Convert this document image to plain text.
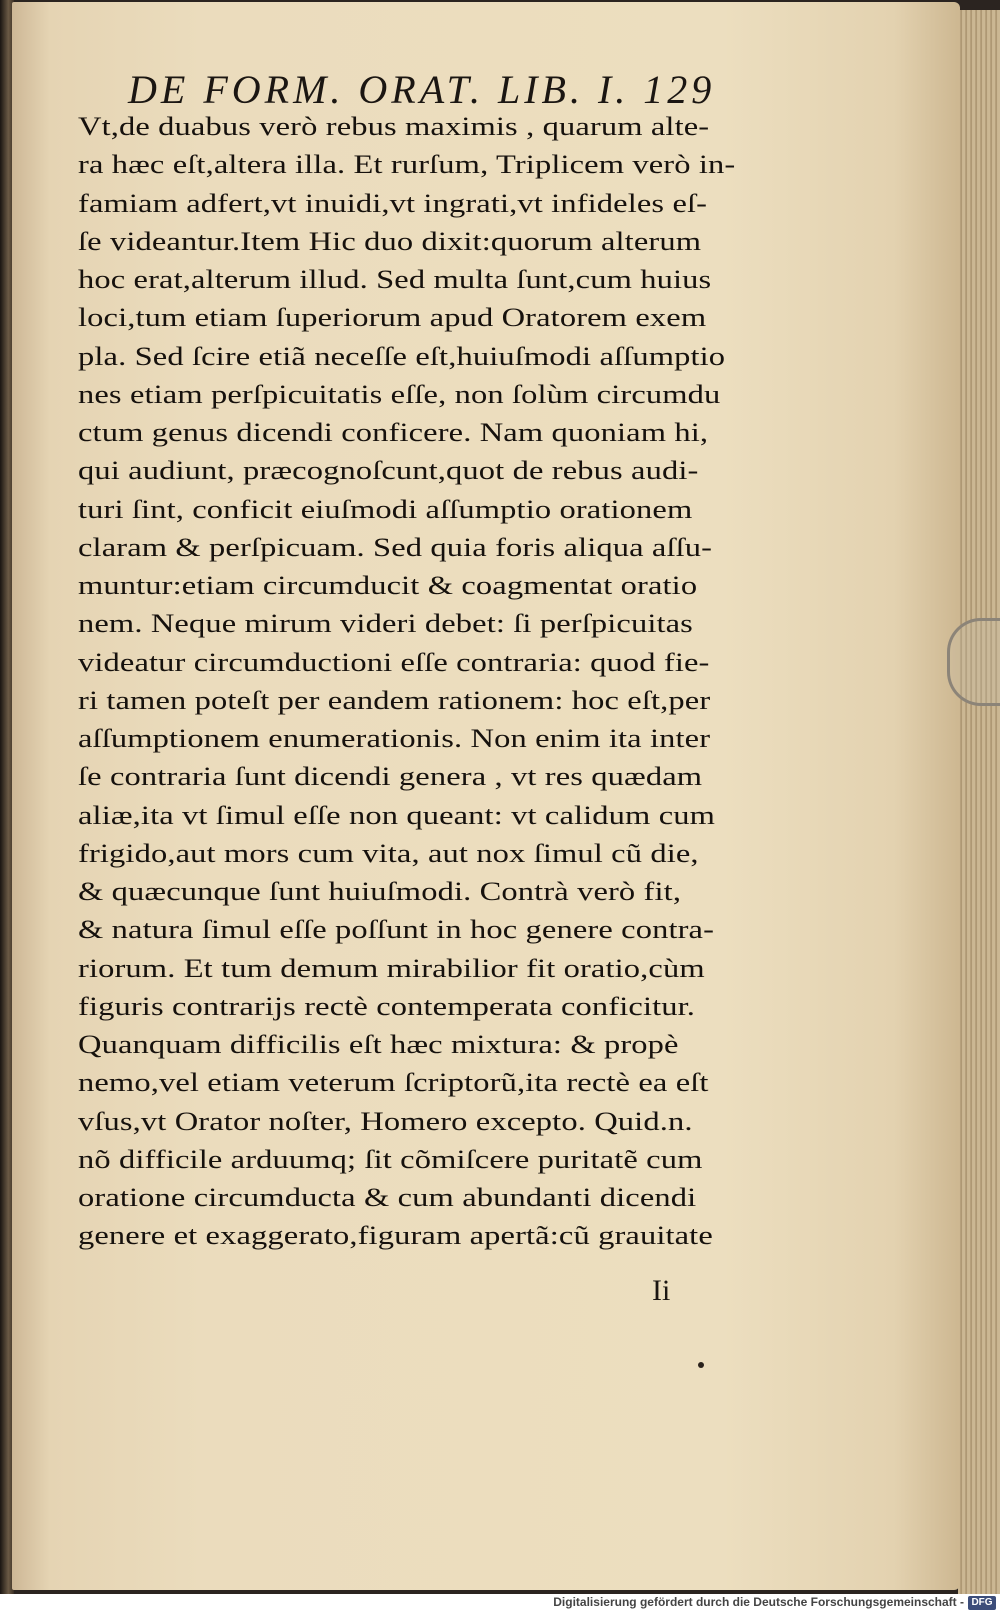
DE FORM. ORAT. LIB. I. 129
Vt,de duabus verò rebus maximis , quarum alte-
ra hæc eſt,altera illa. Et rurſum, Triplicem verò in-
famiam adfert,vt inuidi,vt ingrati,vt infideles eſ-
ſe videantur.Item Hic duo dixit:quorum alterum
hoc erat,alterum illud. Sed multa ſunt,cum huius
loci,tum etiam ſuperiorum apud Oratorem exem
pla. Sed ſcire etiã neceſſe eſt,huiuſmodi aſſumptio
nes etiam perſpicuitatis eſſe, non ſolùm circumdu
ctum genus dicendi conficere. Nam quoniam hi,
qui audiunt, præcognoſcunt,quot de rebus audi-
turi ſint, conficit eiuſmodi aſſumptio orationem
claram & perſpicuam. Sed quia foris aliqua aſſu-
muntur:etiam circumducit & coagmentat oratio
nem. Neque mirum videri debet: ſi perſpicuitas
videatur circumductioni eſſe contraria: quod fie-
ri tamen poteſt per eandem rationem: hoc eſt,per
aſſumptionem enumerationis. Non enim ita inter
ſe contraria ſunt dicendi genera , vt res quædam
aliæ,ita vt ſimul eſſe non queant: vt calidum cum
frigido,aut mors cum vita, aut nox ſimul cũ die,
& quæcunque ſunt huiuſmodi. Contrà verò fit,
& natura ſimul eſſe poſſunt in hoc genere contra-
riorum. Et tum demum mirabilior fit oratio,cùm
figuris contrarijs rectè contemperata conficitur.
Quanquam difficilis eſt hæc mixtura: & propè
nemo,vel etiam veterum ſcriptorũ,ita rectè ea eſt
vſus,vt Orator noſter, Homero excepto. Quid.n.
nõ difficile arduumq; ſit cõmiſcere puritatẽ cum
oratione circumducta & cum abundanti dicendi
genere et exaggerato,figuram apertã:cũ grauitate
Ii
Digitalisierung gefördert durch die Deutsche Forschungsgemeinschaft - DFG
